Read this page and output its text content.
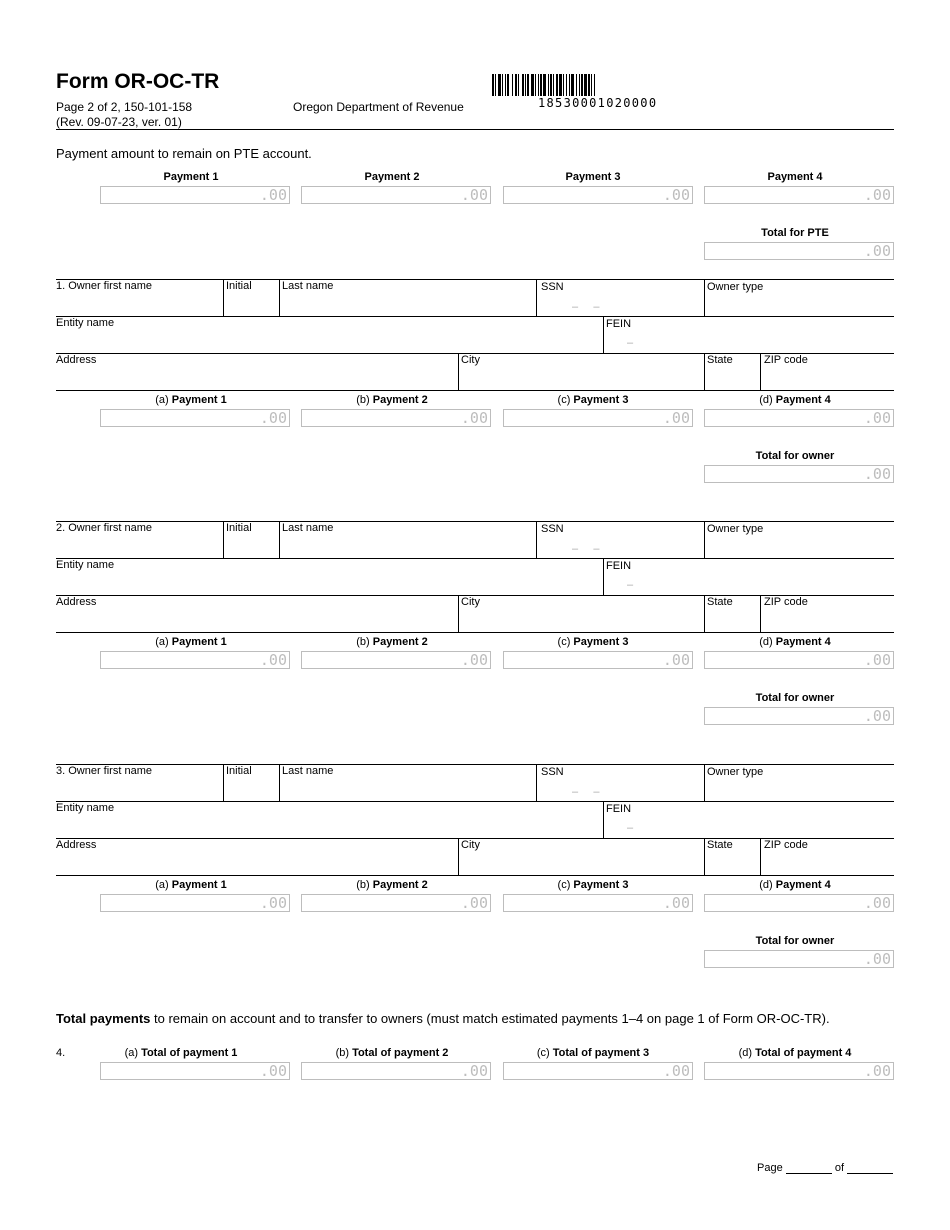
Form OR-OC-TR
Page 2 of 2, 150-101-158
(Rev. 09-07-23, ver. 01)
Oregon Department of Revenue	18530001020000
Payment amount to remain on PTE account.
Payment 1	Payment 2	Payment 3	Payment 4
.00	.00	.00	.00
Total for PTE
.00
1. Owner first name	Initial	Last name	SSN
–     –
Owner type
Entity name	FEIN
–
Address	City	State	ZIP code
(a) Payment 1	(b) Payment 2	(c) Payment 3	(d) Payment 4
.00	.00	.00	.00
Total for owner
.00
2. Owner first name	Initial	Last name	SSN
–     –
Owner type
Entity name	FEIN
–
Address	City	State	ZIP code
(a) Payment 1	(b) Payment 2	(c) Payment 3	(d) Payment 4
.00	.00	.00	.00
Total for owner
.00
3. Owner first name	Initial	Last name	SSN
–     –
Owner type
Entity name	FEIN
–
Address	City	State	ZIP code
(a) Payment 1	(b) Payment 2	(c) Payment 3	(d) Payment 4
.00	.00	.00	.00
Total for owner
.00
Total payments to remain on account and to transfer to owners (must match estimated payments 1–4 on page 1 of Form OR-OC-TR).
4.	(a) Total of payment 1	(b) Total of payment 2	(c) Total of payment 3	(d) Total of payment 4
.00	.00	.00	.00
Page	of
